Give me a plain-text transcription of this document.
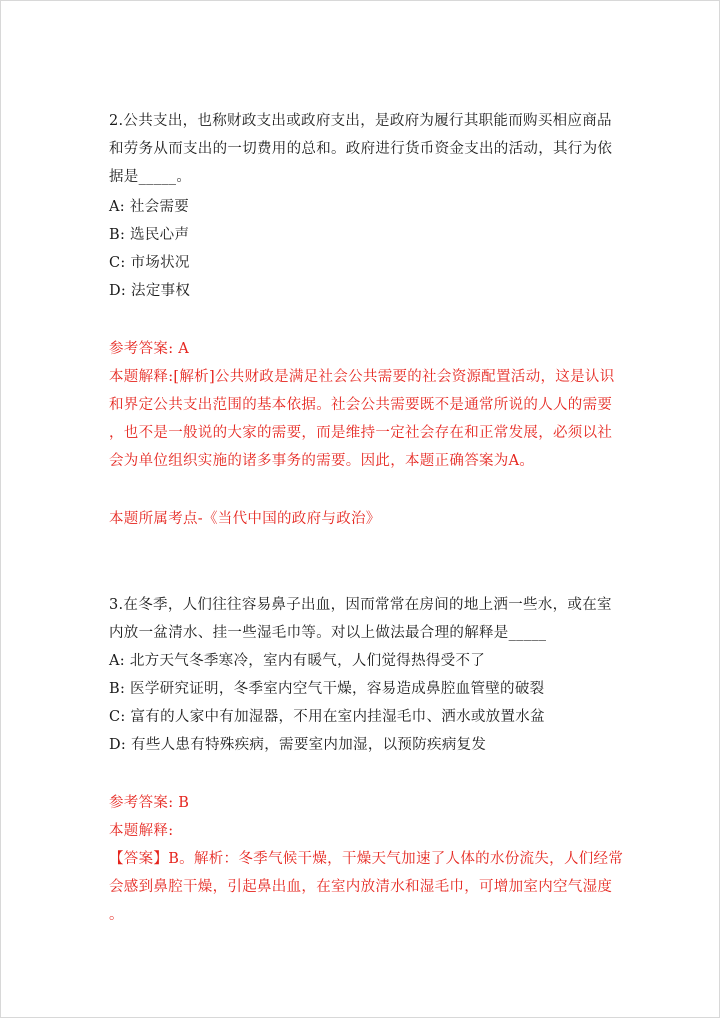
2.公共支出，也称财政支出或政府支出，是政府为履行其职能而购买相应商品
和劳务从而支出的一切费用的总和。政府进行货币资金支出的活动，其行为依
据是_____。
A: 社会需要
B: 选民心声
C: 市场状况
D: 法定事权
参考答案: A
本题解释:[解析]公共财政是满足社会公共需要的社会资源配置活动，这是认识
和界定公共支出范围的基本依据。社会公共需要既不是通常所说的人人的需要
，也不是一般说的大家的需要，而是维持一定社会存在和正常发展，必须以社
会为单位组织实施的诸多事务的需要。因此，本题正确答案为A。
本题所属考点-《当代中国的政府与政治》
3.在冬季，人们往往容易鼻子出血，因而常常在房间的地上洒一些水，或在室
内放一盆清水、挂一些湿毛巾等。对以上做法最合理的解释是_____
A: 北方天气冬季寒冷，室内有暖气，人们觉得热得受不了
B: 医学研究证明，冬季室内空气干燥，容易造成鼻腔血管壁的破裂
C: 富有的人家中有加湿器，不用在室内挂湿毛巾、洒水或放置水盆
D: 有些人患有特殊疾病，需要室内加湿，以预防疾病复发
参考答案: B
本题解释:
【答案】B。解析：冬季气候干燥，干燥天气加速了人体的水份流失，人们经常
会感到鼻腔干燥，引起鼻出血，在室内放清水和湿毛巾，可增加室内空气湿度
。
